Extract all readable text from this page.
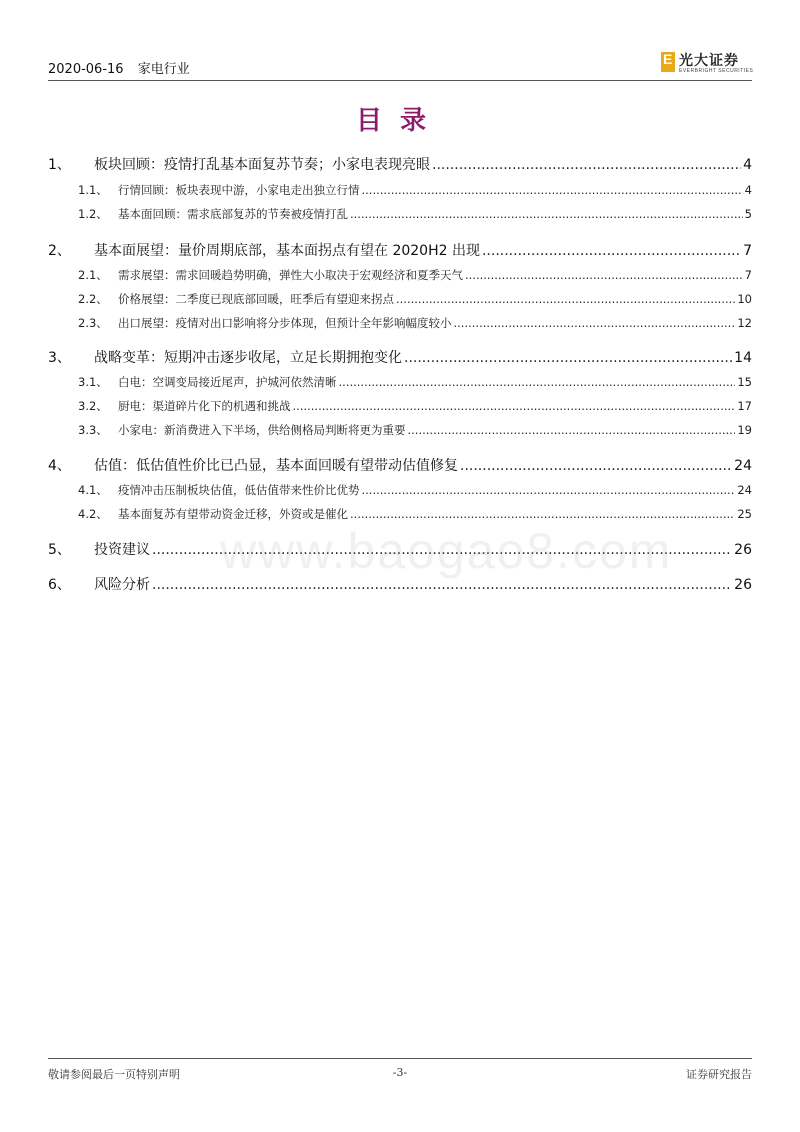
2020-06-16 家电行业
E 光大证券
EVERBRIGHT SECURITIES
目录
1、	板块回顾：疫情打乱基本面复苏节奏；小家电表现亮眼 .....	4
1.1、 行情回顾：板块表现中游，小家电走出独立行情 .....	4
1.2、 基本面回顾：需求底部复苏的节奏被疫情打乱 .....	5
2、	基本面展望：量价周期底部，基本面拐点有望在 2020H2 出现 .....	7
2.1、 需求展望：需求回暖趋势明确，弹性大小取决于宏观经济和夏季天气 .....	7
2.2、 价格展望：二季度已现底部回暖，旺季后有望迎来拐点 .....	10
2.3、 出口展望：疫情对出口影响将分步体现，但预计全年影响幅度较小 .....	12
3、	战略变革：短期冲击逐步收尾，立足长期拥抱变化 .....	14
3.1、 白电：空调变局接近尾声，护城河依然清晰 .....	15
3.2、 厨电：渠道碎片化下的机遇和挑战 .....	17
3.3、 小家电：新消费进入下半场，供给侧格局判断将更为重要 .....	19
4、	估值：低估值性价比已凸显，基本面回暖有望带动估值修复 .....	24
4.1、 疫情冲击压制板块估值，低估值带来性价比优势 .....	24
4.2、 基本面复苏有望带动资金迁移，外资或是催化 .....	25
5、	投资建议 .....	26
6、	风险分析 .....	26
www.baogao8.com
敬请参阅最后一页特别声明	-3-	证券研究报告
